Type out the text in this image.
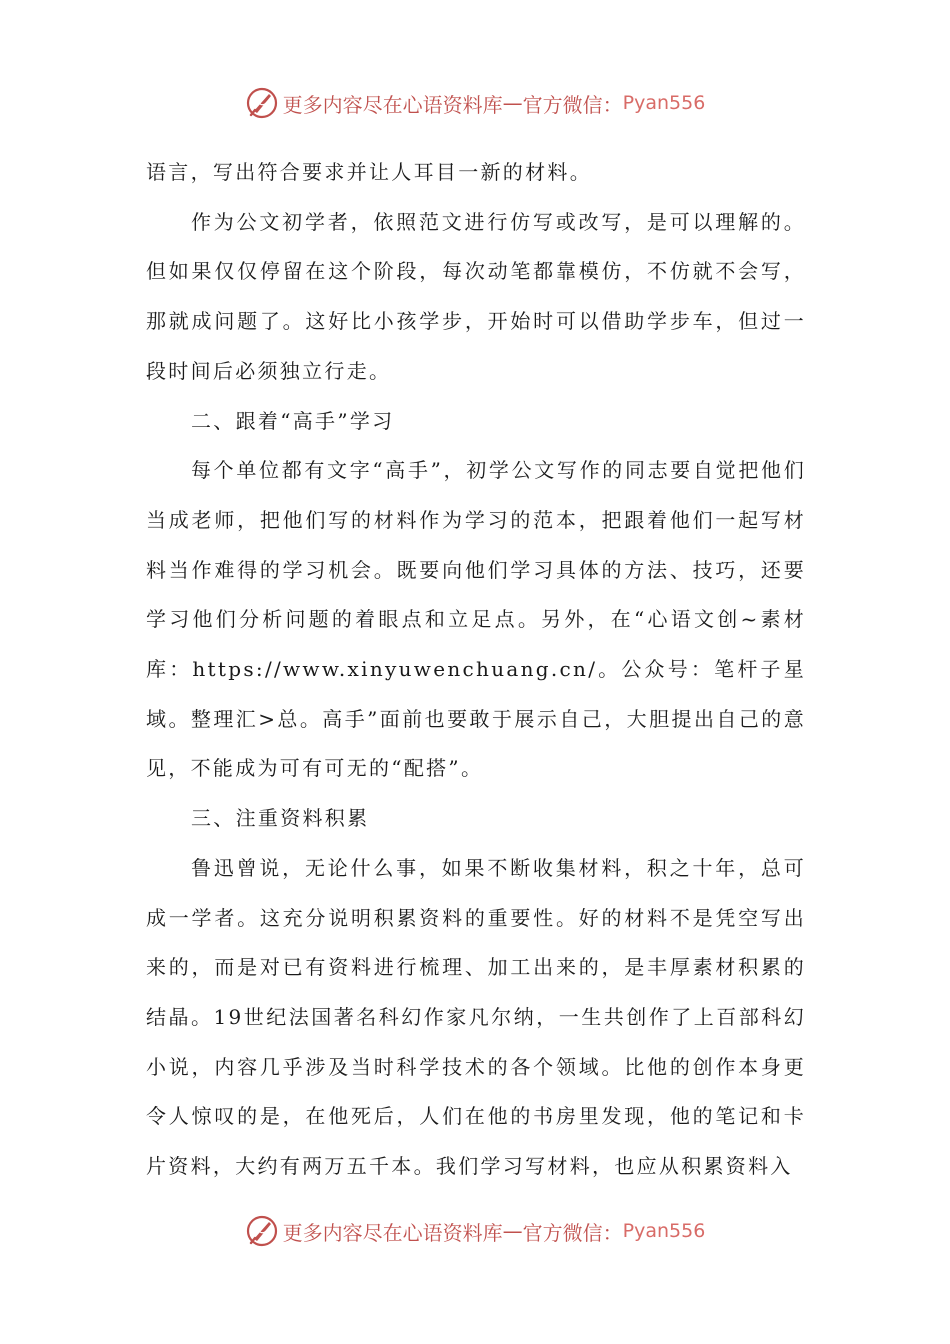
更多内容尽在心语资料库 — 官方微信： Pyan556

语言，写出符合要求并让人耳目一新的材料。

作为公文初学者，依照范文进行仿写或改写，是可以理解的。但如果仅仅停留在这个阶段，每次动笔都靠模仿，不仿就不会写，那就成问题了。这好比小孩学步，开始时可以借助学步车，但过一段时间后必须独立行走。

二、跟着“高手”学习

每个单位都有文字“高手”，初学公文写作的同志要自觉把他们当成老师，把他们写的材料作为学习的范本，把跟着他们一起写材料当作难得的学习机会。既要向他们学习具体的方法、技巧，还要学习他们分析问题的着眼点和立足点。另外，在“心语文创~素材库：https://www.xinyuwenchuang.cn/。公众号：笔杆子星域。整理汇>总。高手”面前也要敢于展示自己，大胆提出自己的意见，不能成为可有可无的“配搭”。

三、注重资料积累

鲁迅曾说，无论什么事，如果不断收集材料，积之十年，总可成一学者。这充分说明积累资料的重要性。好的材料不是凭空写出来的，而是对已有资料进行梳理、加工出来的，是丰厚素材积累的结晶。19世纪法国著名科幻作家凡尔纳，一生共创作了上百部科幻小说，内容几乎涉及当时科学技术的各个领域。比他的创作本身更令人惊叹的是，在他死后，人们在他的书房里发现，他的笔记和卡片资料，大约有两万五千本。我们学习写材料，也应从积累资料入

更多内容尽在心语资料库 — 官方微信： Pyan556
